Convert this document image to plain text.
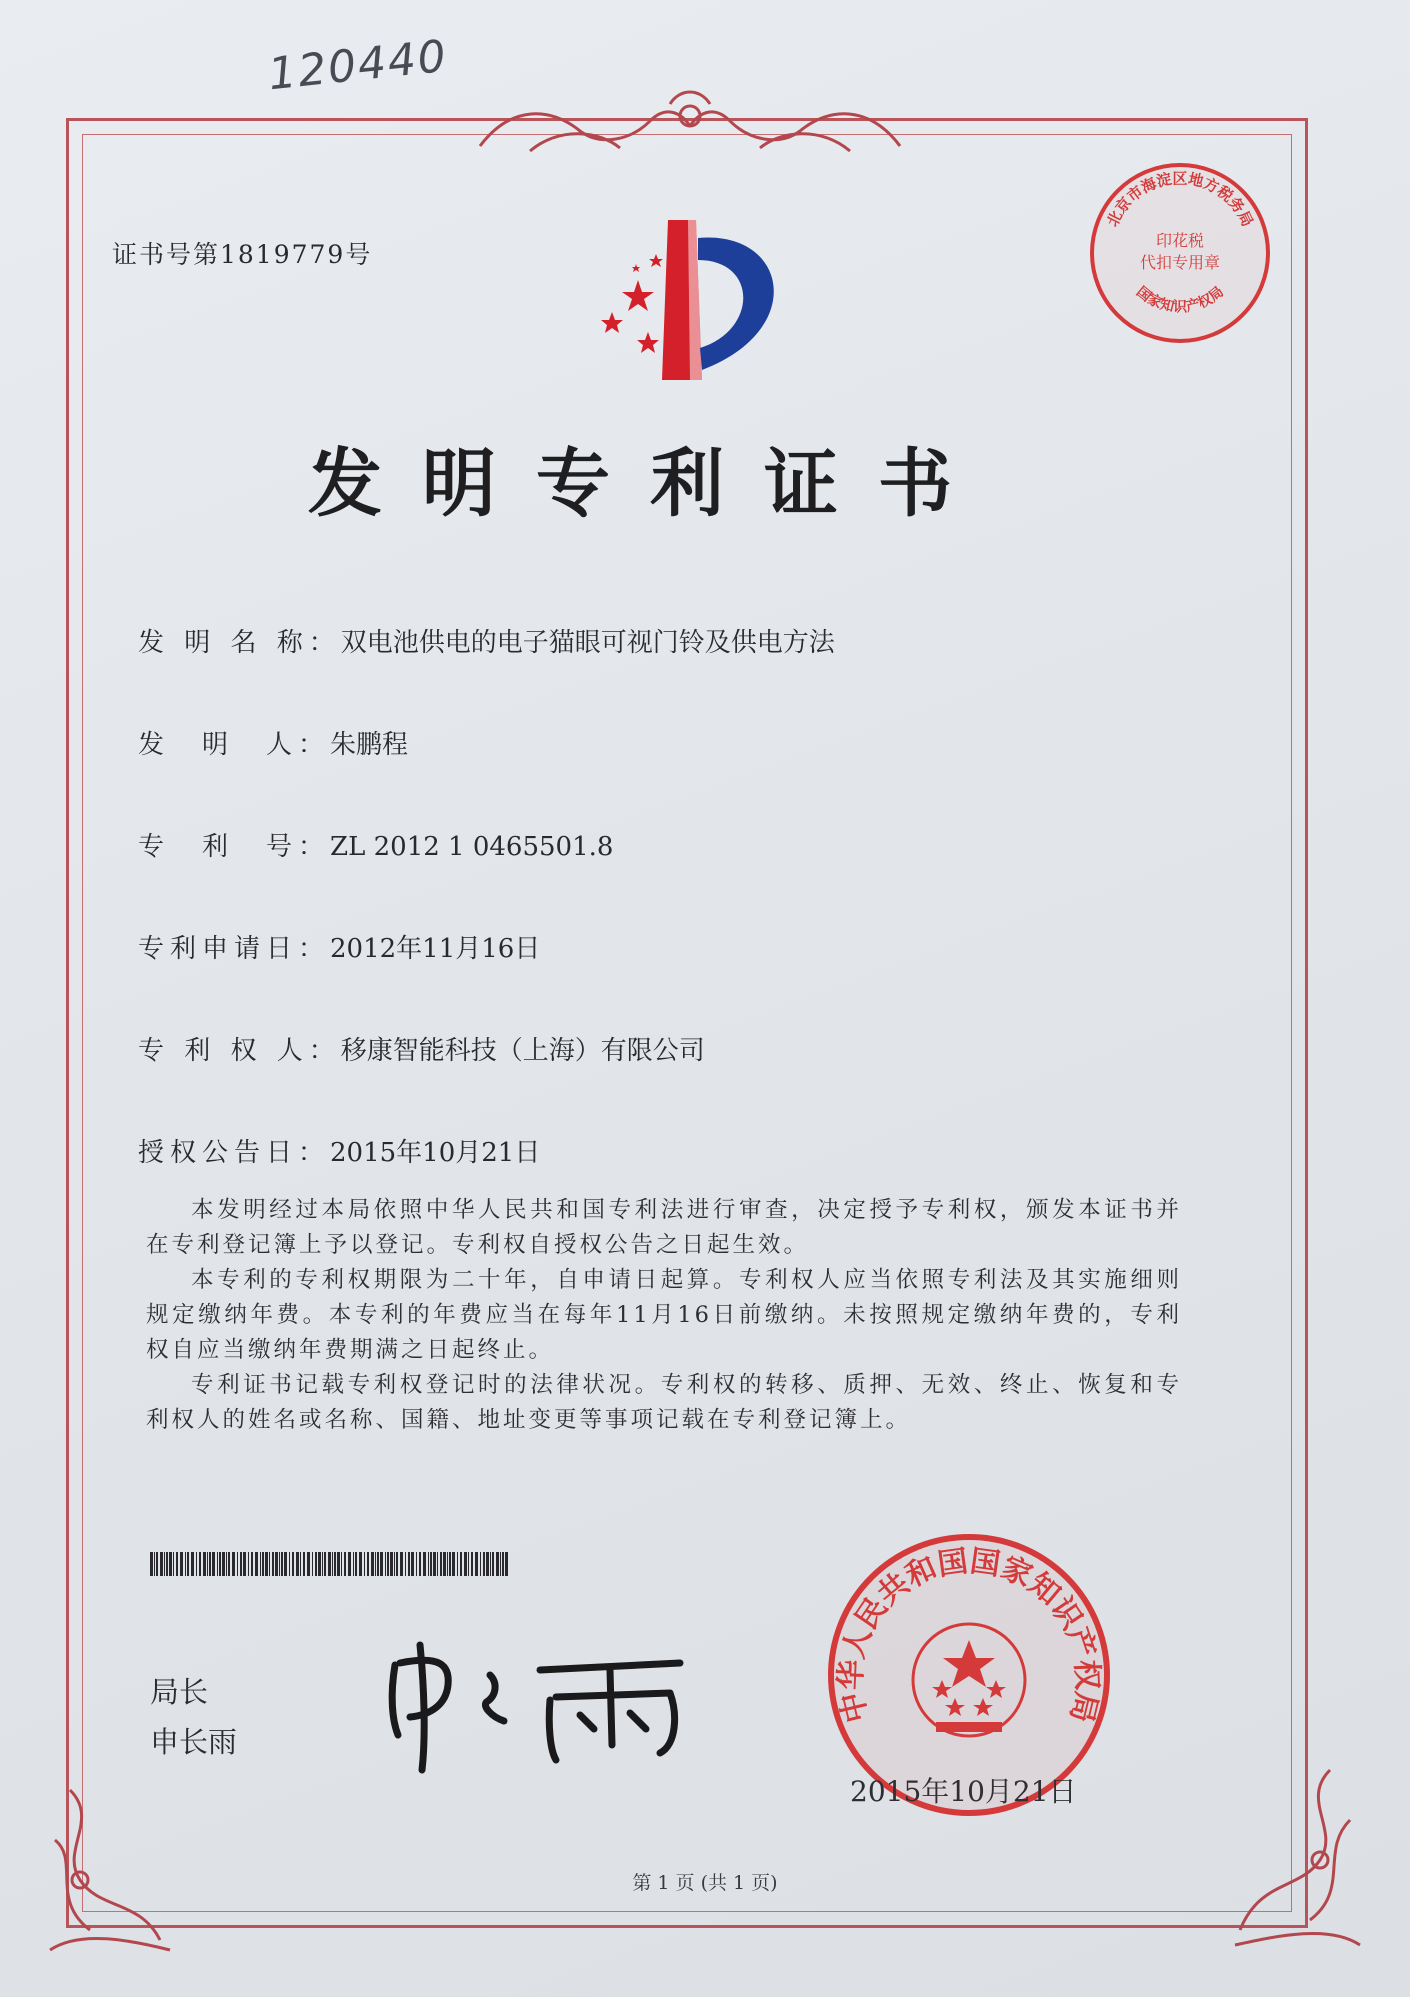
120440
证书号第1819779号
发明专利证书
发 明 名 称：双电池供电的电子猫眼可视门铃及供电方法
发　明　人：朱鹏程
专　利　号：ZL 2012 1 0465501.8
专利申请日：2012年11月16日
专 利 权 人：移康智能科技（上海）有限公司
授权公告日：2015年10月21日

本发明经过本局依照中华人民共和国专利法进行审查，决定授予专利权，颁发本证书并在专利登记簿上予以登记。专利权自授权公告之日起生效。

本专利的专利权期限为二十年，自申请日起算。专利权人应当依照专利法及其实施细则规定缴纳年费。本专利的年费应当在每年11月16日前缴纳。未按照规定缴纳年费的，专利权自应当缴纳年费期满之日起终止。

专利证书记载专利权登记时的法律状况。专利权的转移、质押、无效、终止、恢复和专利权人的姓名或名称、国籍、地址变更等事项记载在专利登记簿上。

局长
申长雨
中华人民共和国国家知识产权局
2015年10月21日
北京市海淀区地方税务局
国家知识产权局
印花税
代扣专用章
第 1 页 (共 1 页)
